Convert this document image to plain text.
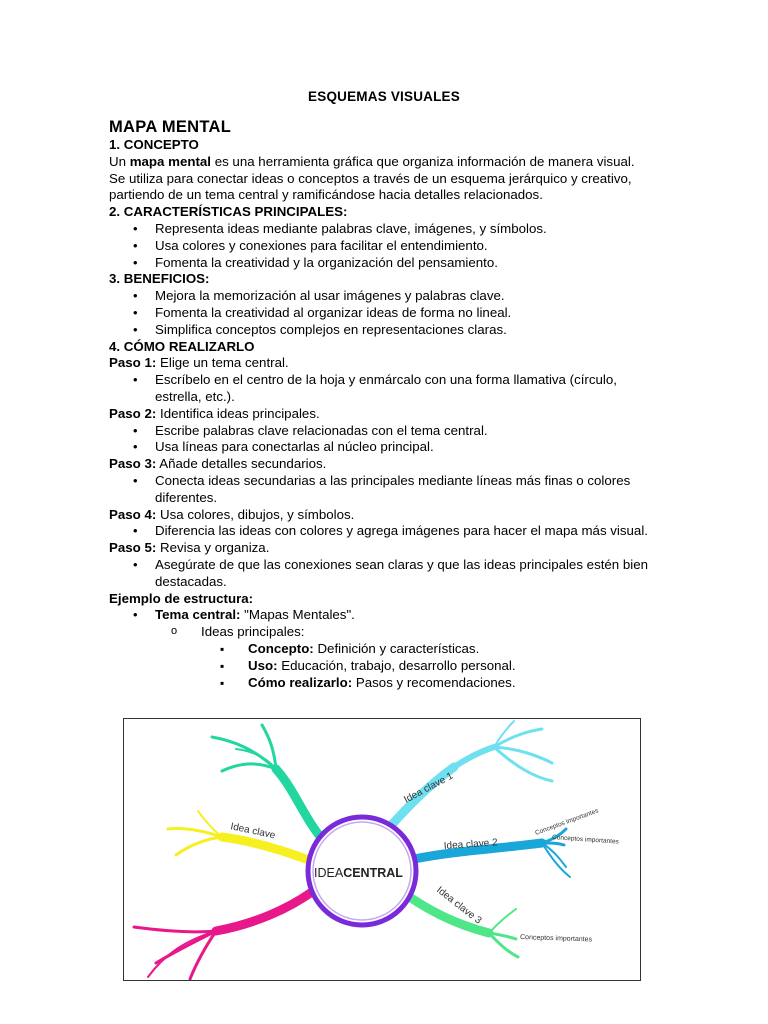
ESQUEMAS VISUALES
MAPA MENTAL
1. CONCEPTO

Un mapa mental es una herramienta gráfica que organiza información de manera visual. Se utiliza para conectar ideas o conceptos a través de un esquema jerárquico y creativo, partiendo de un tema central y ramificándose hacia detalles relacionados.

2. CARACTERÍSTICAS PRINCIPALES:
• Representa ideas mediante palabras clave, imágenes, y símbolos.
• Usa colores y conexiones para facilitar el entendimiento.
• Fomenta la creatividad y la organización del pensamiento.
3. BENEFICIOS:
• Mejora la memorización al usar imágenes y palabras clave.
• Fomenta la creatividad al organizar ideas de forma no lineal.
• Simplifica conceptos complejos en representaciones claras.
4. CÓMO REALIZARLO

Paso 1: Elige un tema central.

• Escríbelo en el centro de la hoja y enmárcalo con una forma llamativa (círculo, estrella, etc.).

Paso 2: Identifica ideas principales.

• Escribe palabras clave relacionadas con el tema central.
• Usa líneas para conectarlas al núcleo principal.

Paso 3: Añade detalles secundarios.

• Conecta ideas secundarias a las principales mediante líneas más finas o colores diferentes.

Paso 4: Usa colores, dibujos, y símbolos.

• Diferencia las ideas con colores y agrega imágenes para hacer el mapa más visual.

Paso 5: Revisa y organiza.

• Asegúrate de que las conexiones sean claras y que las ideas principales estén bien destacadas.
Ejemplo de estructura:
• Tema central: "Mapas Mentales".
o Ideas principales:
▪ Concepto: Definición y características.
▪ Uso: Educación, trabajo, desarrollo personal.
▪ Cómo realizarlo: Pasos y recomendaciones.
IDEACENTRAL
Idea clave 1
Idea clave 2
Idea clave 3
Idea clave	Conceptos importantes
Conceptos importantes
Conceptos importantes
